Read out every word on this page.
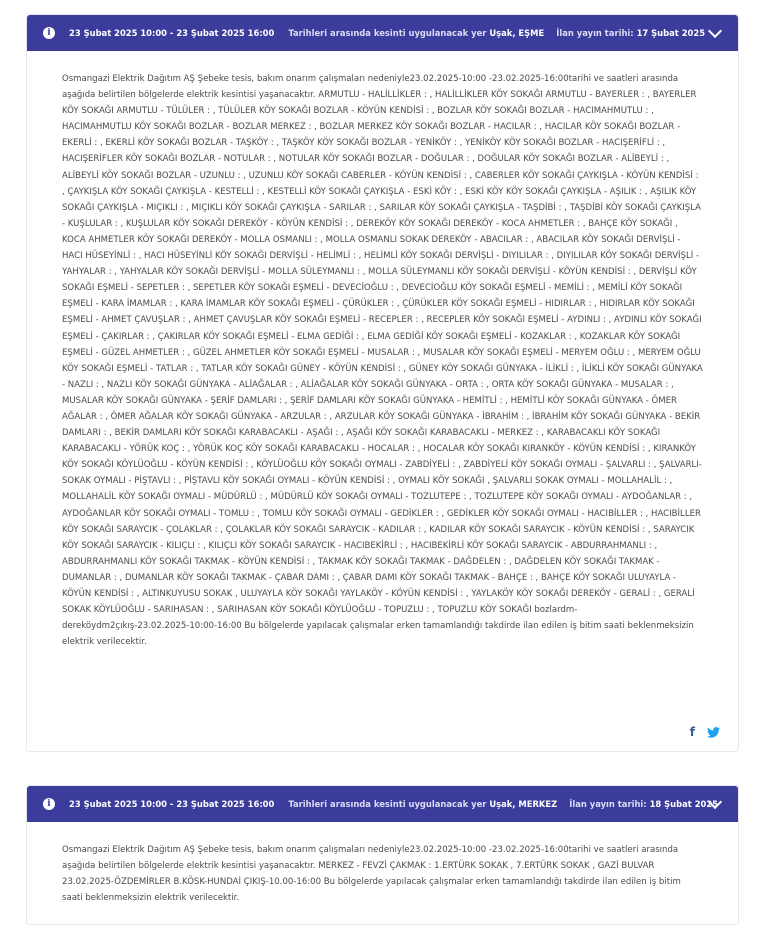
i	23 Şubat 2025 10:00 - 23 Şubat 2025 16:00 Tarihleri arasında kesinti uygulanacak yer Uşak, EŞME İlan yayın tarihi: 17 Şubat 2025
Osmangazi Elektrik Dağıtım AŞ Şebeke tesis, bakım onarım çalışmaları nedeniyle23.02.2025-10:00 -23.02.2025-16:00tarihi ve saatleri arasında aşağıda belirtilen bölgelerde elektrik kesintisi yaşanacaktır. ARMUTLU - HALİLLİKLER : , HALİLLİKLER KÖY SOKAĞI ARMUTLU - BAYERLER : , BAYERLER KÖY SOKAĞI ARMUTLU - TÜLÜLER : , TÜLÜLER KÖY SOKAĞI BOZLAR - KÖYÜN KENDİSİ : , BOZLAR KÖY SOKAĞI BOZLAR - HACIMAHMUTLU : , HACIMAHMUTLU KÖY SOKAĞI BOZLAR - BOZLAR MERKEZ : , BOZLAR MERKEZ KÖY SOKAĞI BOZLAR - HACILAR : , HACILAR KÖY SOKAĞI BOZLAR - EKERLİ : , EKERLİ KÖY SOKAĞI BOZLAR - TAŞKÖY : , TAŞKÖY KÖY SOKAĞI BOZLAR - YENİKÖY : , YENİKÖY KÖY SOKAĞI BOZLAR - HACIŞERİFLİ : , HACIŞERİFLER KÖY SOKAĞI BOZLAR - NOTULAR : , NOTULAR KÖY SOKAĞI BOZLAR - DOĞULAR : , DOĞULAR KÖY SOKAĞI BOZLAR - ALİBEYLİ : , ALİBEYLİ KÖY SOKAĞI BOZLAR - UZUNLU : , UZUNLU KÖY SOKAĞI CABERLER - KÖYÜN KENDİSİ : , CABERLER KÖY SOKAĞI ÇAYKIŞLA - KÖYÜN KENDİSİ : , ÇAYKIŞLA KÖY SOKAĞI ÇAYKIŞLA - KESTELLİ : , KESTELLİ KÖY SOKAĞI ÇAYKIŞLA - ESKİ KÖY : , ESKİ KÖY KÖY SOKAĞI ÇAYKIŞLA - AŞILIK : , AŞILIK KÖY SOKAĞI ÇAYKIŞLA - MIÇIKLI : , MIÇIKLI KÖY SOKAĞI ÇAYKIŞLA - SARILAR : , SARILAR KÖY SOKAĞI ÇAYKIŞLA - TAŞDİBİ : , TAŞDİBİ KÖY SOKAĞI ÇAYKIŞLA - KUŞLULAR : , KUŞLULAR KÖY SOKAĞI DEREKÖY - KÖYÜN KENDİSİ : , DEREKÖY KÖY SOKAĞI DEREKÖY - KOCA AHMETLER : , BAHÇE KÖY SOKAĞI , KOCA AHMETLER KÖY SOKAĞI DEREKÖY - MOLLA OSMANLI : , MOLLA OSMANLI SOKAK DEREKÖY - ABACILAR : , ABACILAR KÖY SOKAĞI DERVİŞLİ - HACI HÜSEYİNLİ : , HACI HÜSEYİNLİ KÖY SOKAĞI DERVİŞLİ - HELİMLİ : , HELİMLİ KÖY SOKAĞI DERVİŞLİ - DIYILILAR : , DIYILILAR KÖY SOKAĞI DERVİŞLİ - YAHYALAR : , YAHYALAR KÖY SOKAĞI DERVİŞLİ - MOLLA SÜLEYMANLI : , MOLLA SÜLEYMANLI KÖY SOKAĞI DERVİŞLİ - KÖYÜN KENDİSİ : , DERVİŞLİ KÖY SOKAĞI EŞMELİ - SEPETLER : , SEPETLER KÖY SOKAĞI EŞMELİ - DEVECİOĞLU : , DEVECİOĞLU KÖY SOKAĞI EŞMELİ - MEMİLİ : , MEMİLİ KÖY SOKAĞI EŞMELİ - KARA İMAMLAR : , KARA İMAMLAR KÖY SOKAĞI EŞMELİ - ÇÜRÜKLER : , ÇÜRÜKLER KÖY SOKAĞI EŞMELİ - HIDIRLAR : , HIDIRLAR KÖY SOKAĞI EŞMELİ - AHMET ÇAVUŞLAR : , AHMET ÇAVUŞLAR KÖY SOKAĞI EŞMELİ - RECEPLER : , RECEPLER KÖY SOKAĞI EŞMELİ - AYDINLI : , AYDINLI KÖY SOKAĞI EŞMELİ - ÇAKIRLAR : , ÇAKIRLAR KÖY SOKAĞI EŞMELİ - ELMA GEDİĞİ : , ELMA GEDİĞİ KÖY SOKAĞI EŞMELİ - KOZAKLAR : , KOZAKLAR KÖY SOKAĞI EŞMELİ - GÜZEL AHMETLER : , GÜZEL AHMETLER KÖY SOKAĞI EŞMELİ - MUSALAR : , MUSALAR KÖY SOKAĞI EŞMELİ - MERYEM OĞLU : , MERYEM OĞLU KÖY SOKAĞI EŞMELİ - TATLAR : , TATLAR KÖY SOKAĞI GÜNEY - KÖYÜN KENDİSİ : , GÜNEY KÖY SOKAĞI GÜNYAKA - İLİKLİ : , İLİKLİ KÖY SOKAĞI GÜNYAKA - NAZLI : , NAZLI KÖY SOKAĞI GÜNYAKA - ALİAĞALAR : , ALİAĞALAR KÖY SOKAĞI GÜNYAKA - ORTA : , ORTA KÖY SOKAĞI GÜNYAKA - MUSALAR : , MUSALAR KÖY SOKAĞI GÜNYAKA - ŞERİF DAMLARI : , ŞERİF DAMLARI KÖY SOKAĞI GÜNYAKA - HEMİTLİ : , HEMİTLİ KÖY SOKAĞI GÜNYAKA - ÖMER AĞALAR : , ÖMER AĞALAR KÖY SOKAĞI GÜNYAKA - ARZULAR : , ARZULAR KÖY SOKAĞI GÜNYAKA - İBRAHİM : , İBRAHİM KÖY SOKAĞI GÜNYAKA - BEKİR DAMLARI : , BEKİR DAMLARI KÖY SOKAĞI KARABACAKLI - AŞAĞI : , AŞAĞI KÖY SOKAĞI KARABACAKLI - MERKEZ : , KARABACAKLI KÖY SOKAĞI KARABACAKLI - YÖRÜK KOÇ : , YÖRÜK KOÇ KÖY SOKAĞI KARABACAKLI - HOCALAR : , HOCALAR KÖY SOKAĞI KIRANKÖY - KÖYÜN KENDİSİ : , KIRANKÖY KÖY SOKAĞI KÖYLÜOĞLU - KÖYÜN KENDİSİ : , KÖYLÜOĞLU KÖY SOKAĞI OYMALI - ZABDİYELİ : , ZABDİYELİ KÖY SOKAĞI OYMALI - ŞALVARLI : , ŞALVARLI- SOKAK OYMALI - PİŞTAVLI : , PİŞTAVLI KÖY SOKAĞI OYMALI - KÖYÜN KENDİSİ : , OYMALI KÖY SOKAĞI , ŞALVARLI SOKAK OYMALI - MOLLAHALİL : , MOLLAHALİL KÖY SOKAĞI OYMALI - MÜDÜRLÜ : , MÜDÜRLÜ KÖY SOKAĞI OYMALI - TOZLUTEPE : , TOZLUTEPE KÖY SOKAĞI OYMALI - AYDOĞANLAR : , AYDOĞANLAR KÖY SOKAĞI OYMALI - TOMLU : , TOMLU KÖY SOKAĞI OYMALI - GEDİKLER : , GEDİKLER KÖY SOKAĞI OYMALI - HACIBİLLER : , HACIBİLLER KÖY SOKAĞI SARAYCIK - ÇOLAKLAR : , ÇOLAKLAR KÖY SOKAĞI SARAYCIK - KADILAR : , KADILAR KÖY SOKAĞI SARAYCIK - KÖYÜN KENDİSİ : , SARAYCIK KÖY SOKAĞI SARAYCIK - KILIÇLI : , KILIÇLI KÖY SOKAĞI SARAYCIK - HACIBEKİRLİ : , HACIBEKİRLİ KÖY SOKAĞI SARAYCIK - ABDURRAHMANLI : , ABDURRAHMANLI KÖY SOKAĞI TAKMAK - KÖYÜN KENDİSİ : , TAKMAK KÖY SOKAĞI TAKMAK - DAĞDELEN : , DAĞDELEN KÖY SOKAĞI TAKMAK - DUMANLAR : , DUMANLAR KÖY SOKAĞI TAKMAK - ÇABAR DAMI : , ÇABAR DAMI KÖY SOKAĞI TAKMAK - BAHÇE : , BAHÇE KÖY SOKAĞI ULUYAYLA - KÖYÜN KENDİSİ : , ALTINKUYUSU SOKAK , ULUYAYLA KÖY SOKAĞI YAYLAKÖY - KÖYÜN KENDİSİ : , YAYLAKÖY KÖY SOKAĞI DEREKÖY - GERALİ : , GERALİ SOKAK KÖYLÜOĞLU - SARIHASAN : , SARIHASAN KÖY SOKAĞI KÖYLÜOĞLU - TOPUZLU : , TOPUZLU KÖY SOKAĞI bozlardm-dereköydm2çıkış-23.02.2025-10:00-16:00 Bu bölgelerde yapılacak çalışmalar erken tamamlandığı takdirde ilan edilen iş bitim saati beklenmeksizin elektrik verilecektir.
f
i	23 Şubat 2025 10:00 - 23 Şubat 2025 16:00 Tarihleri arasında kesinti uygulanacak yer Uşak, MERKEZ İlan yayın tarihi: 18 Şubat 2025
Osmangazi Elektrik Dağıtım AŞ Şebeke tesis, bakım onarım çalışmaları nedeniyle23.02.2025-10:00 -23.02.2025-16:00tarihi ve saatleri arasında aşağıda belirtilen bölgelerde elektrik kesintisi yaşanacaktır. MERKEZ - FEVZİ ÇAKMAK : 1.ERTÜRK SOKAK , 7.ERTÜRK SOKAK , GAZİ BULVAR 23.02.2025-ÖZDEMİRLER B.KÖSK-HUNDAİ ÇIKIŞ-10.00-16:00 Bu bölgelerde yapılacak çalışmalar erken tamamlandığı takdirde ilan edilen iş bitim saati beklenmeksizin elektrik verilecektir.
